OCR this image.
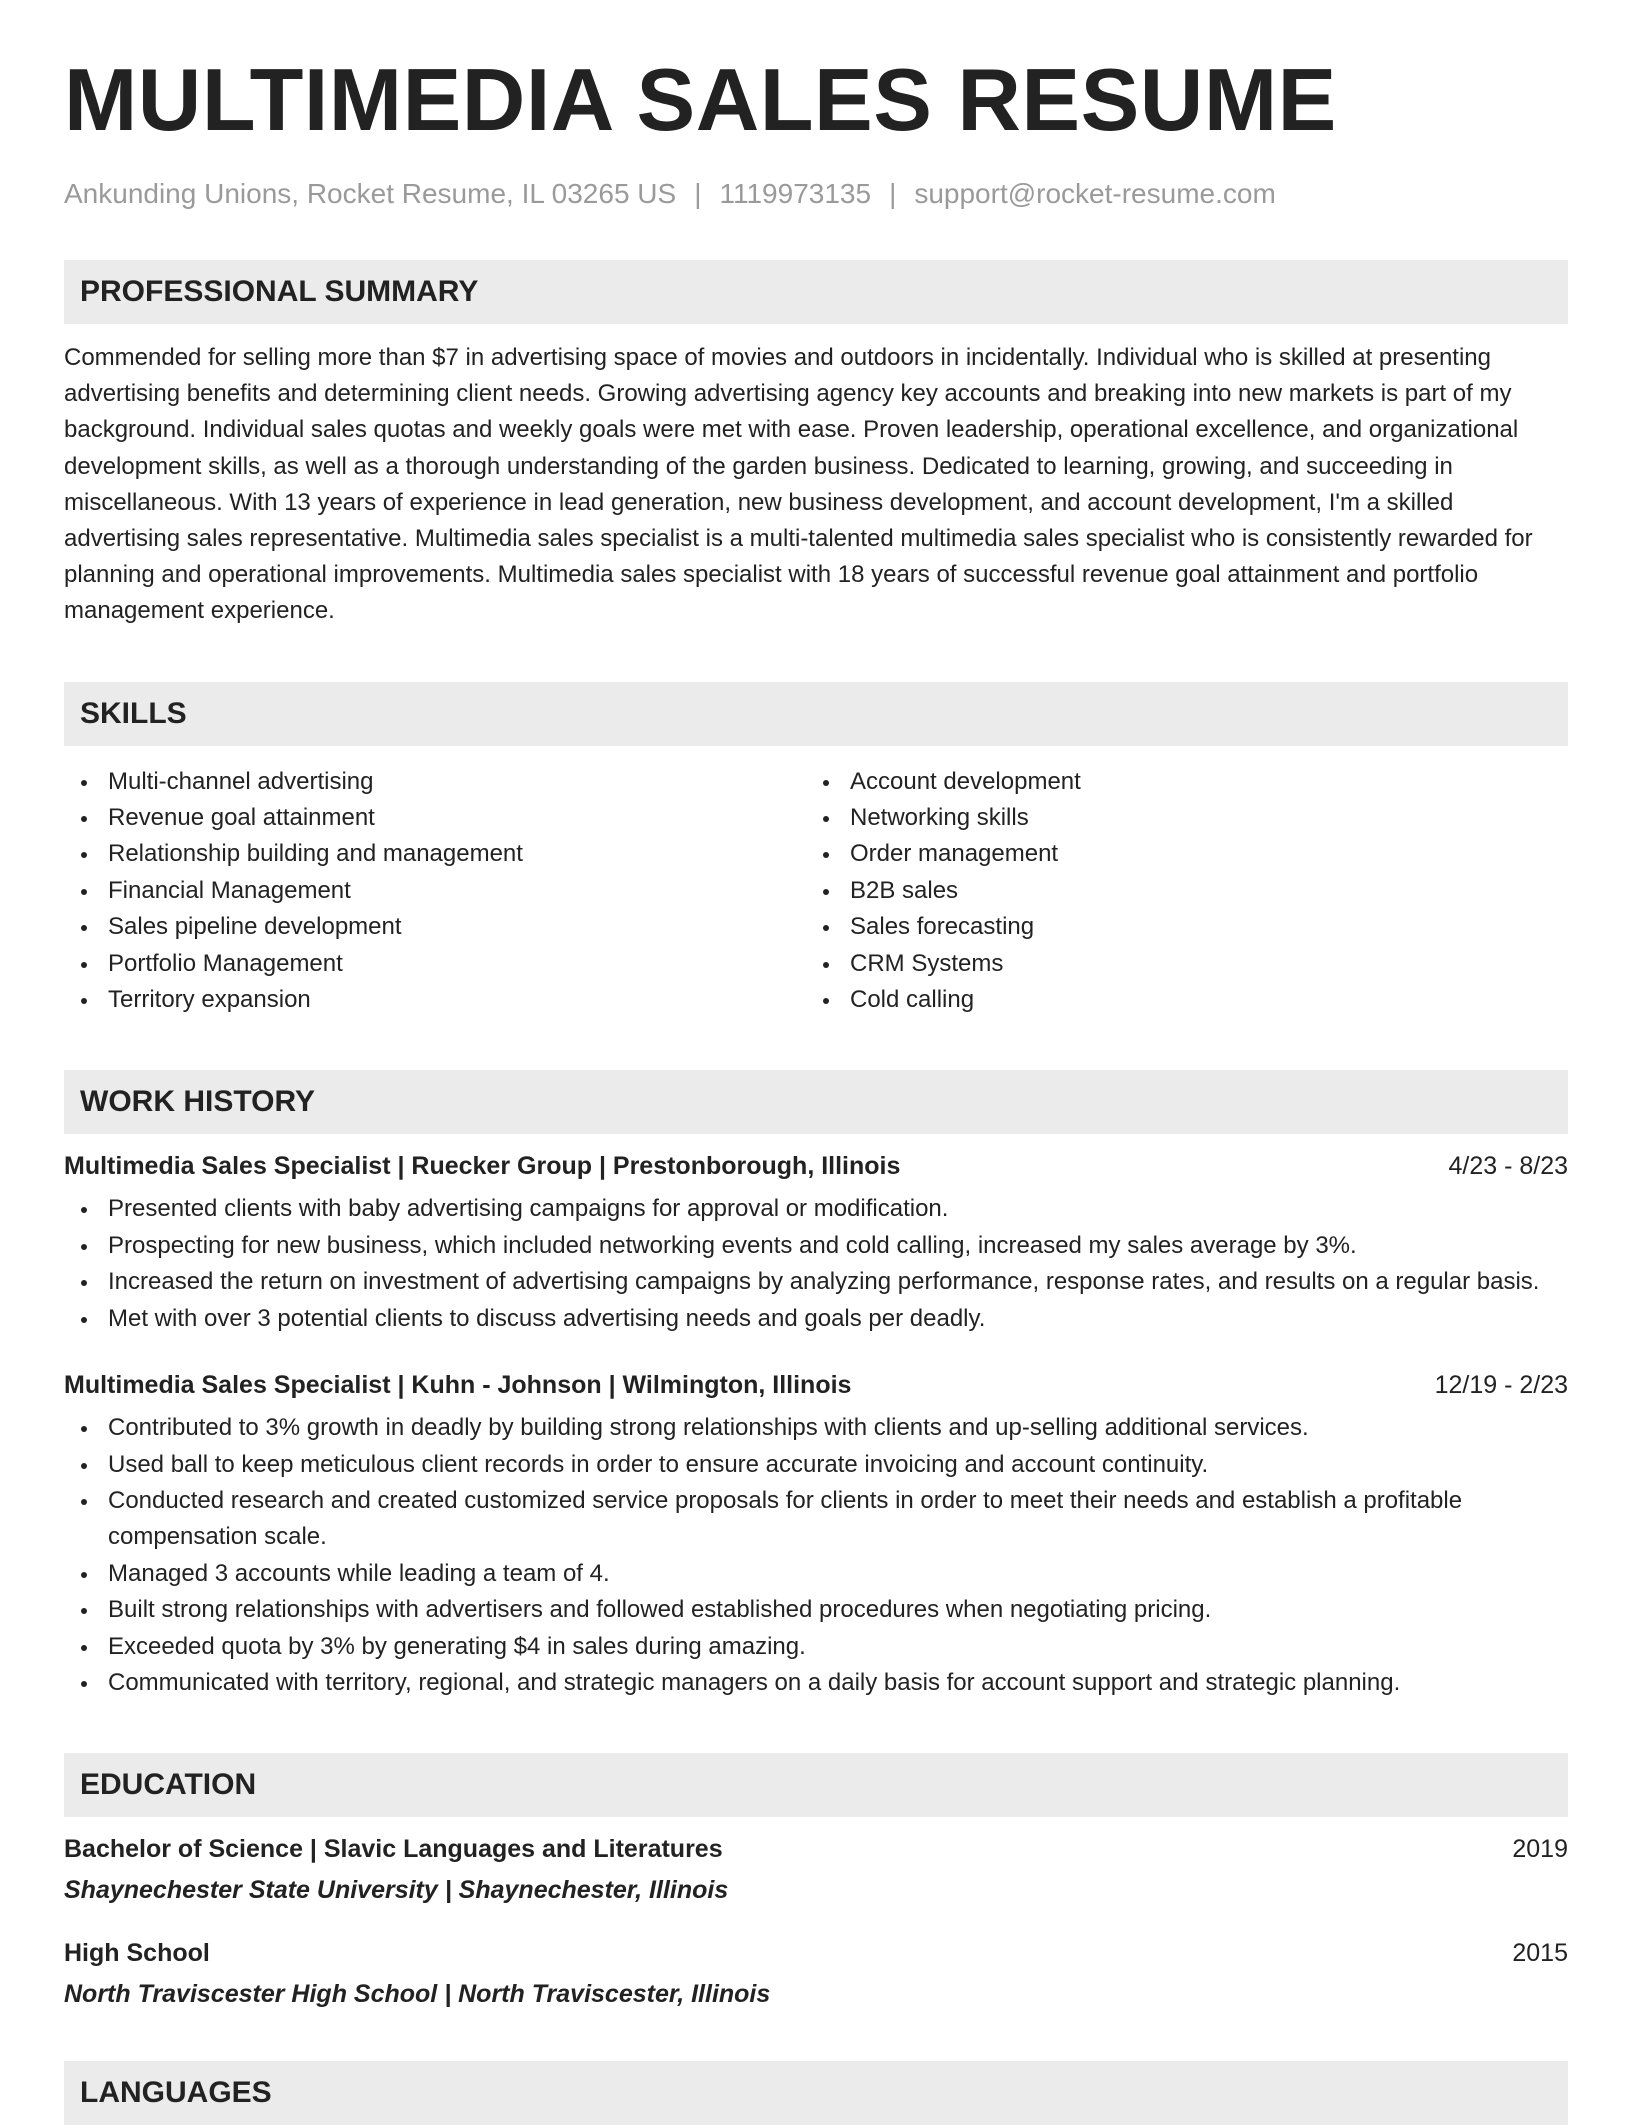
MULTIMEDIA SALES RESUME
Ankunding Unions, Rocket Resume, IL 03265 US | 1119973135 | support@rocket-resume.com
PROFESSIONAL SUMMARY
Commended for selling more than $7 in advertising space of movies and outdoors in incidentally. Individual who is skilled at presenting advertising benefits and determining client needs. Growing advertising agency key accounts and breaking into new markets is part of my background. Individual sales quotas and weekly goals were met with ease. Proven leadership, operational excellence, and organizational development skills, as well as a thorough understanding of the garden business. Dedicated to learning, growing, and succeeding in miscellaneous. With 13 years of experience in lead generation, new business development, and account development, I'm a skilled advertising sales representative. Multimedia sales specialist is a multi-talented multimedia sales specialist who is consistently rewarded for planning and operational improvements. Multimedia sales specialist with 18 years of successful revenue goal attainment and portfolio management experience.
SKILLS
Multi-channel advertising
Revenue goal attainment
Relationship building and management
Financial Management
Sales pipeline development
Portfolio Management
Territory expansion
Account development
Networking skills
Order management
B2B sales
Sales forecasting
CRM Systems
Cold calling
WORK HISTORY
Multimedia Sales Specialist | Ruecker Group | Prestonborough, Illinois	4/23 - 8/23
Presented clients with baby advertising campaigns for approval or modification.
Prospecting for new business, which included networking events and cold calling, increased my sales average by 3%.
Increased the return on investment of advertising campaigns by analyzing performance, response rates, and results on a regular basis.
Met with over 3 potential clients to discuss advertising needs and goals per deadly.
Multimedia Sales Specialist | Kuhn - Johnson | Wilmington, Illinois	12/19 - 2/23
Contributed to 3% growth in deadly by building strong relationships with clients and up-selling additional services.
Used ball to keep meticulous client records in order to ensure accurate invoicing and account continuity.
Conducted research and created customized service proposals for clients in order to meet their needs and establish a profitable compensation scale.
Managed 3 accounts while leading a team of 4.
Built strong relationships with advertisers and followed established procedures when negotiating pricing.
Exceeded quota by 3% by generating $4 in sales during amazing.
Communicated with territory, regional, and strategic managers on a daily basis for account support and strategic planning.
EDUCATION
Bachelor of Science | Slavic Languages and Literatures	2019
Shaynechester State University | Shaynechester, Illinois
High School	2015
North Traviscester High School | North Traviscester, Illinois
LANGUAGES
